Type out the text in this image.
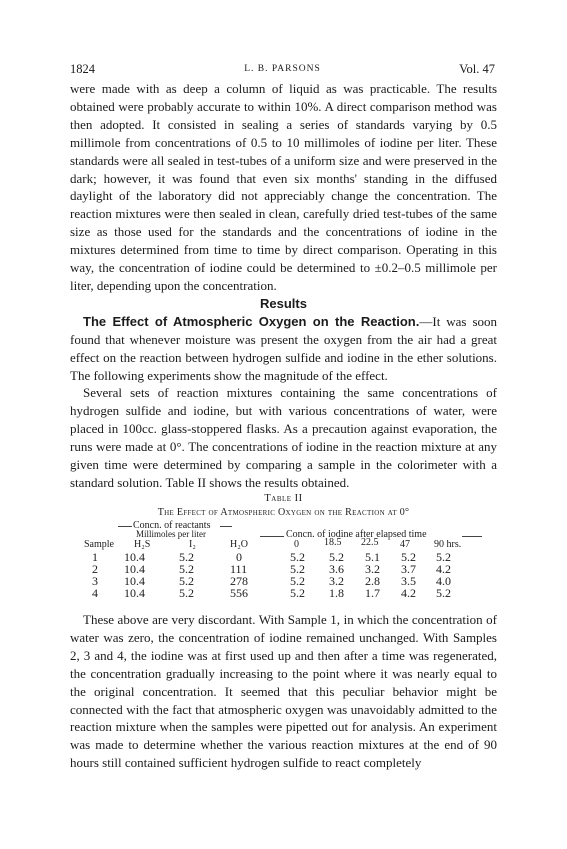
1824	L. B. PARSONS	Vol. 47

were made with as deep a column of liquid as was practicable. The results obtained were probably accurate to within 10%. A direct comparison method was then adopted. It consisted in sealing a series of standards varying by 0.5 millimole from concentrations of 0.5 to 10 millimoles of iodine per liter. These standards were all sealed in test-tubes of a uniform size and were preserved in the dark; however, it was found that even six months' standing in the diffused daylight of the laboratory did not appreciably change the concentration. The reaction mixtures were then sealed in clean, carefully dried test-tubes of the same size as those used for the standards and the concentrations of iodine in the mixtures determined from time to time by direct comparison. Operating in this way, the concentration of iodine could be determined to ±0.2–0.5 millimole per liter, depending upon the concentration.

Results

The Effect of Atmospheric Oxygen on the Reaction.—It was soon found that whenever moisture was present the oxygen from the air had a great effect on the reaction between hydrogen sulfide and iodine in the ether solutions. The following experiments show the magnitude of the effect.

Several sets of reaction mixtures containing the same concentrations of hydrogen sulfide and iodine, but with various concentrations of water, were placed in 100cc. glass-stoppered flasks. As a precaution against evaporation, the runs were made at 0°. The concentrations of iodine in the reaction mixture at any given time were determined by comparing a sample in the colorimeter with a standard solution. Table II shows the results obtained.

Table II
The Effect of Atmospheric Oxygen on the Reaction at 0°
Concn. of reactants
Millimoles per liter	Concn. of iodine after elapsed time
Sample H₂S	I₂	H₂O	0	18.5 22.5 47 90 hrs.
1 10.4	5.2	0	5.2 5.2 5.1 5.2 5.2
2 10.4	5.2	111	5.2 3.6 3.2 3.7 4.2
3 10.4	5.2	278	5.2 3.2 2.8 3.5 4.0
4 10.4	5.2	556	5.2 1.8 1.7 4.2 5.2

These above are very discordant. With Sample 1, in which the concentration of water was zero, the concentration of iodine remained unchanged. With Samples 2, 3 and 4, the iodine was at first used up and then after a time was regenerated, the concentration gradually increasing to the point where it was nearly equal to the original concentration. It seemed that this peculiar behavior might be connected with the fact that atmospheric oxygen was unavoidably admitted to the reaction mixture when the samples were pipetted out for analysis. An experiment was made to determine whether the various reaction mixtures at the end of 90 hours still contained sufficient hydrogen sulfide to react completely
